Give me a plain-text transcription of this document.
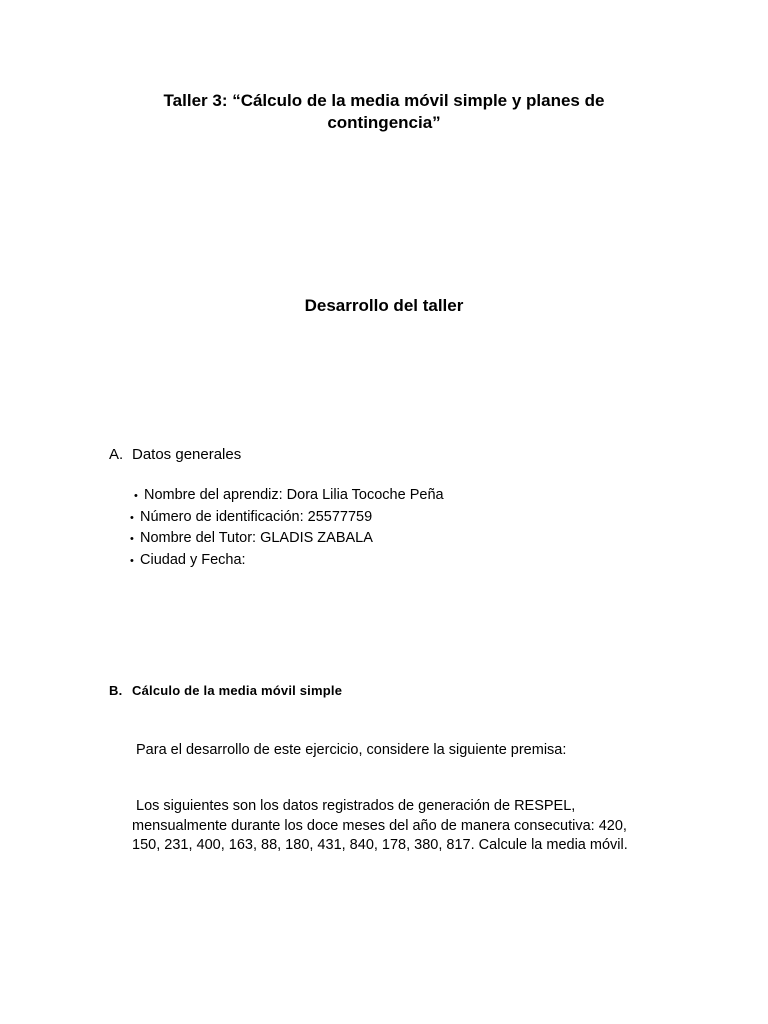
Taller 3: “Cálculo de la media móvil simple y planes de
contingencia”
Desarrollo del taller
A. Datos generales
• Nombre del aprendiz: Dora Lilia Tocoche Peña
• Número de identificación: 25577759
• Nombre del Tutor: GLADIS ZABALA
• Ciudad y Fecha:
B. Cálculo de la media móvil simple
Para el desarrollo de este ejercicio, considere la siguiente premisa:
Los siguientes son los datos registrados de generación de RESPEL,
mensualmente durante los doce meses del año de manera consecutiva: 420,
150, 231, 400, 163, 88, 180, 431, 840, 178, 380, 817. Calcule la media móvil.
